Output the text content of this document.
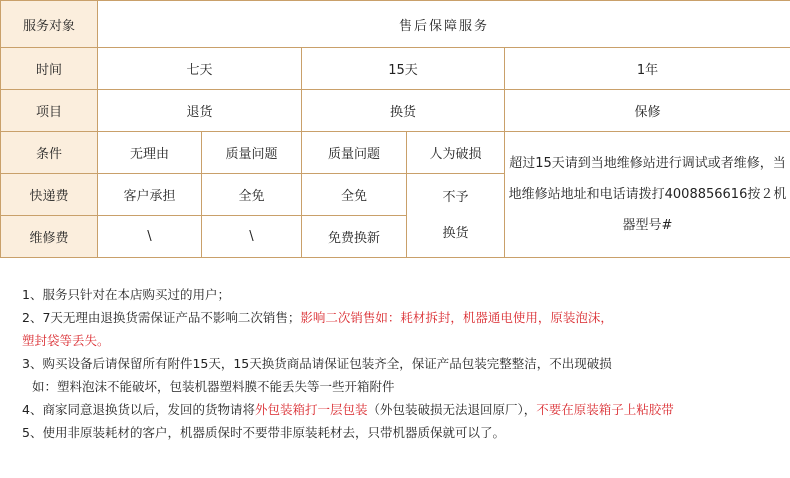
服务对象	售后保障服务				
时间	七天		15天		1年
项目	退货		换货		保修
条件	无理由	质量问题	质量问题	人为破损	超过15天请到当地维修站进行调试或者维修，当地维修站地址和电话请拨打4008856616按２机器型号#
快递费	客户承担	全免	全免	不予
换货	

维修费	\	\	免费换新		
1、服务只针对在本店购买过的用户；
2、7天无理由退换货需保证产品不影响二次销售；影响二次销售如：耗材拆封，机器通电使用，原装泡沫，
塑封袋等丢失。
3、购买设备后请保留所有附件15天，15天换货商品请保证包装齐全，保证产品包装完整整洁，不出现破损
如：塑料泡沫不能破坏，包装机器塑料膜不能丢失等一些开箱附件
4、商家同意退换货以后，发回的货物请将外包装箱打一层包装（外包装破损无法退回原厂），不要在原装箱子上粘胶带
5、使用非原装耗材的客户，机器质保时不要带非原装耗材去，只带机器质保就可以了。
